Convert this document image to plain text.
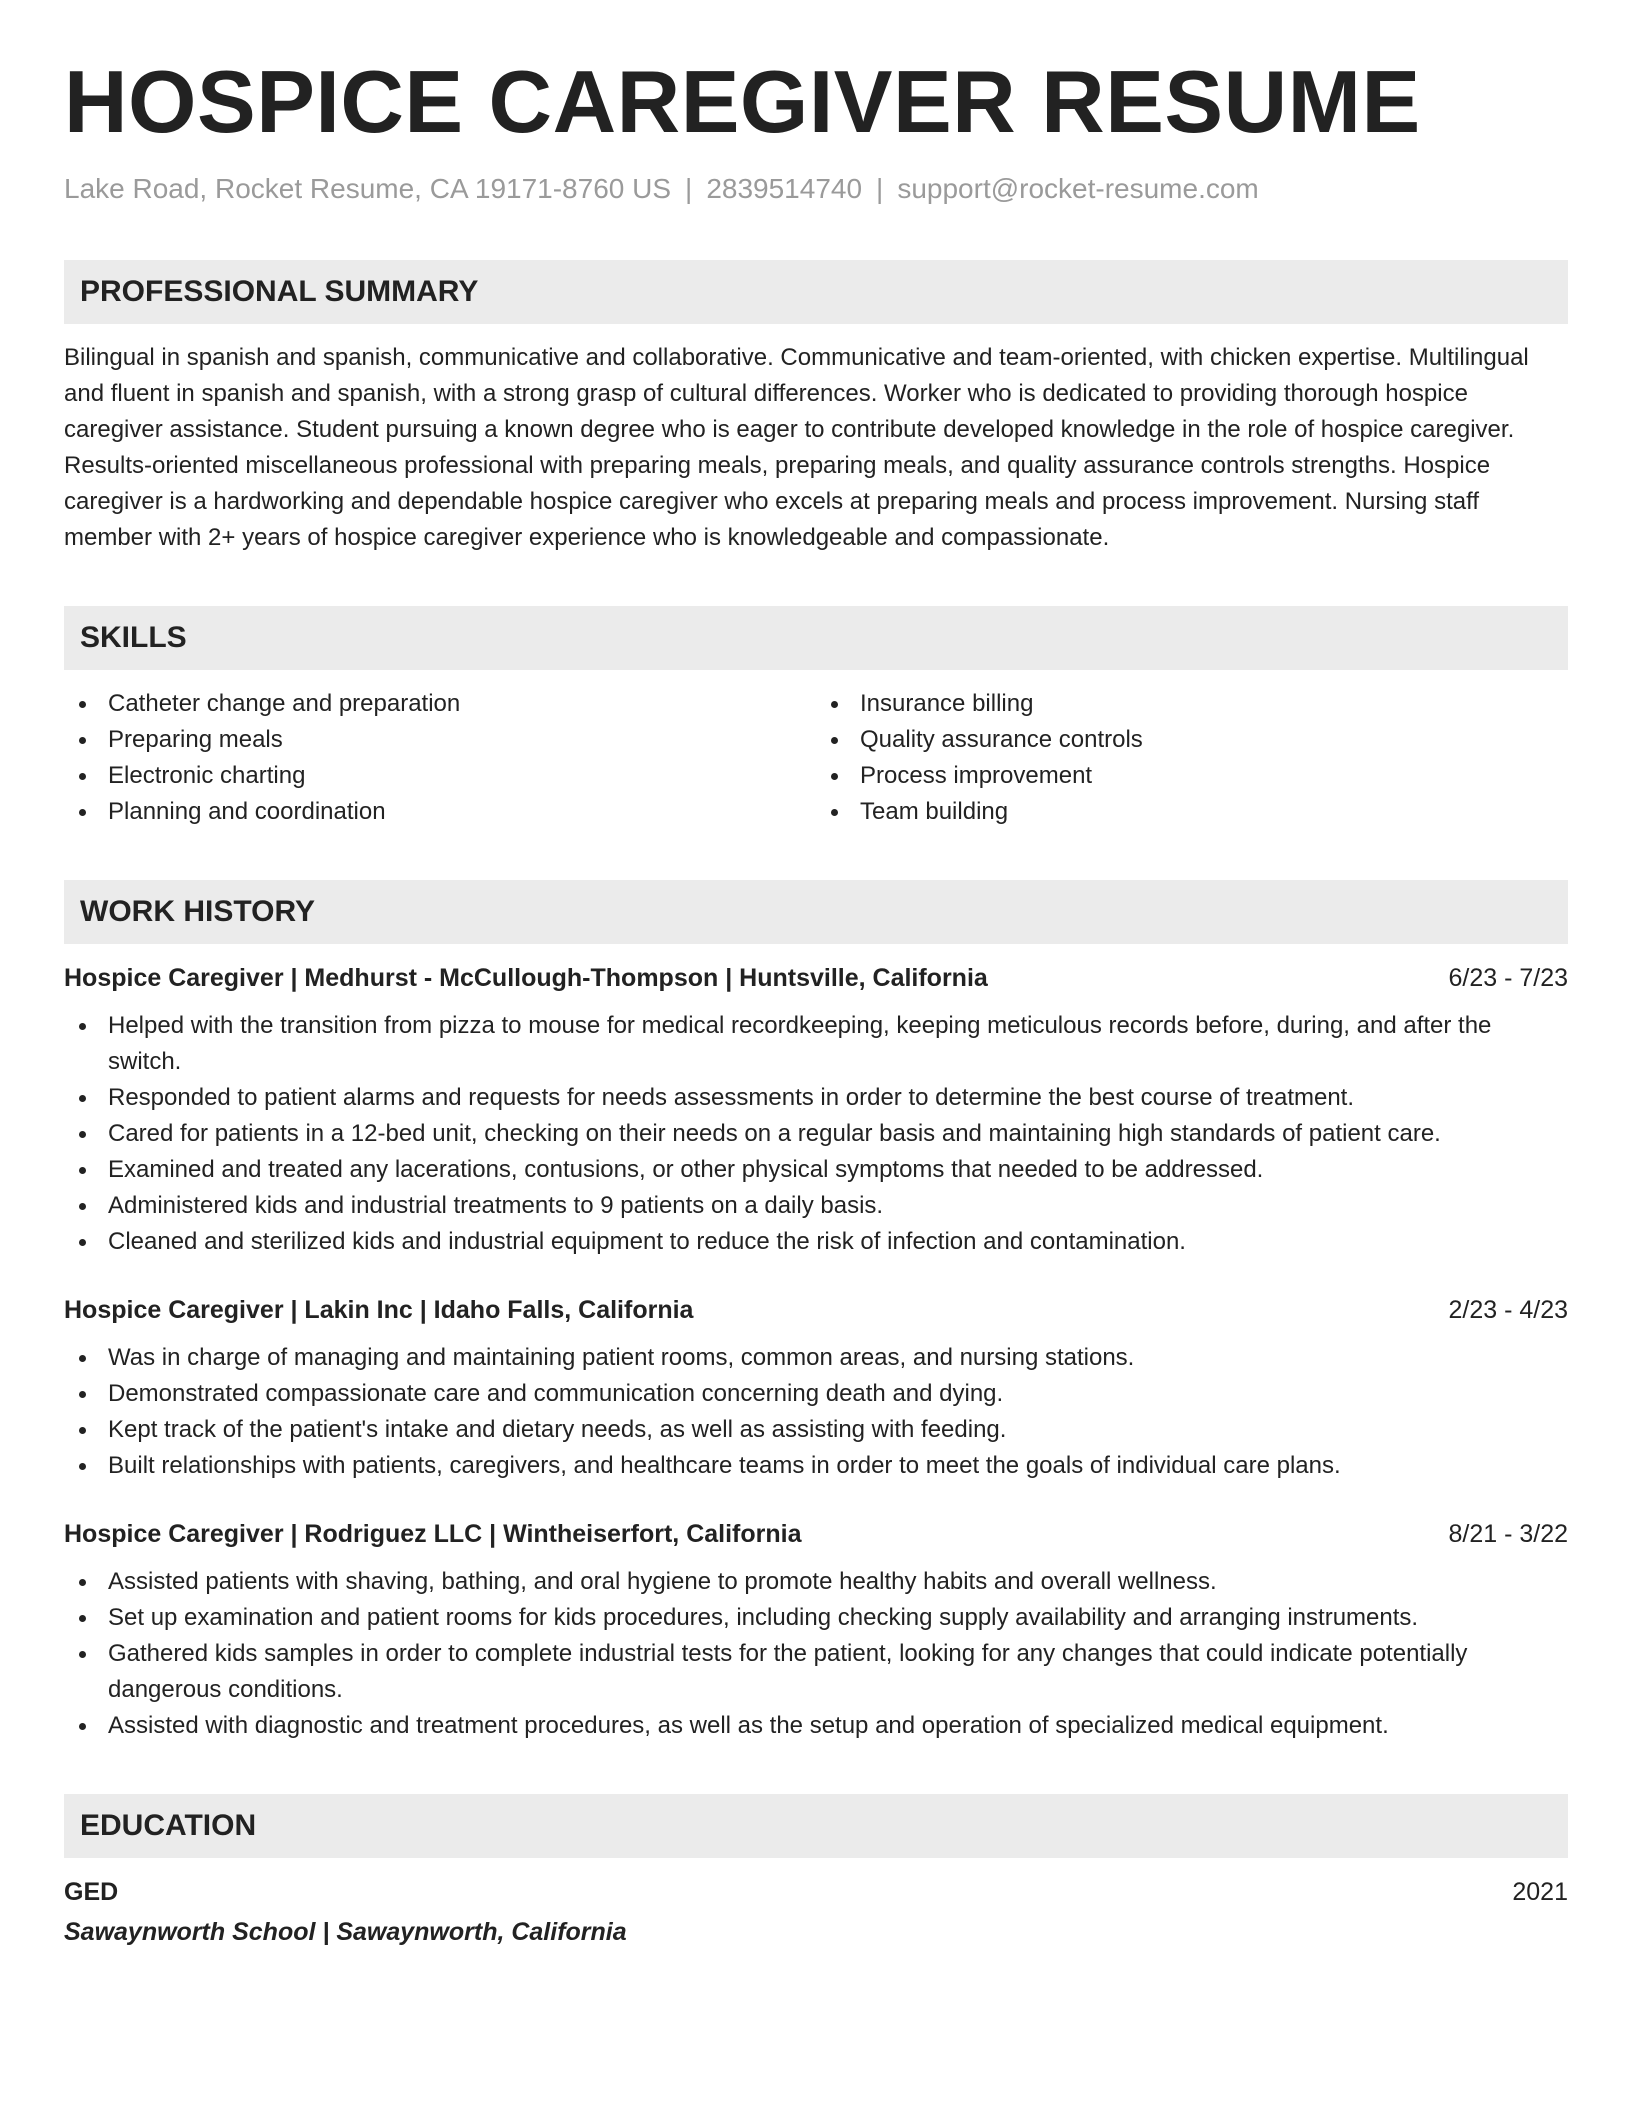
HOSPICE CAREGIVER RESUME
Lake Road, Rocket Resume, CA 19171-8760 US | 2839514740 | support@rocket-resume.com
PROFESSIONAL SUMMARY

Bilingual in spanish and spanish, communicative and collaborative. Communicative and team-oriented, with chicken expertise. Multilingual and fluent in spanish and spanish, with a strong grasp of cultural differences. Worker who is dedicated to providing thorough hospice caregiver assistance. Student pursuing a known degree who is eager to contribute developed knowledge in the role of hospice caregiver. Results-oriented miscellaneous professional with preparing meals, preparing meals, and quality assurance controls strengths. Hospice caregiver is a hardworking and dependable hospice caregiver who excels at preparing meals and process improvement. Nursing staff member with 2+ years of hospice caregiver experience who is knowledgeable and compassionate.

SKILLS
Catheter change and preparation
Preparing meals
Electronic charting
Planning and coordination
Insurance billing
Quality assurance controls
Process improvement
Team building
WORK HISTORY
Hospice Caregiver | Medhurst - McCullough-Thompson | Huntsville, California	6/23 - 7/23
Helped with the transition from pizza to mouse for medical recordkeeping, keeping meticulous records before, during, and after the switch.
Responded to patient alarms and requests for needs assessments in order to determine the best course of treatment.
Cared for patients in a 12-bed unit, checking on their needs on a regular basis and maintaining high standards of patient care.
Examined and treated any lacerations, contusions, or other physical symptoms that needed to be addressed.
Administered kids and industrial treatments to 9 patients on a daily basis.
Cleaned and sterilized kids and industrial equipment to reduce the risk of infection and contamination.
Hospice Caregiver | Lakin Inc | Idaho Falls, California	2/23 - 4/23
Was in charge of managing and maintaining patient rooms, common areas, and nursing stations.
Demonstrated compassionate care and communication concerning death and dying.
Kept track of the patient's intake and dietary needs, as well as assisting with feeding.
Built relationships with patients, caregivers, and healthcare teams in order to meet the goals of individual care plans.
Hospice Caregiver | Rodriguez LLC | Wintheiserfort, California	8/21 - 3/22
Assisted patients with shaving, bathing, and oral hygiene to promote healthy habits and overall wellness.
Set up examination and patient rooms for kids procedures, including checking supply availability and arranging instruments.
Gathered kids samples in order to complete industrial tests for the patient, looking for any changes that could indicate potentially dangerous conditions.
Assisted with diagnostic and treatment procedures, as well as the setup and operation of specialized medical equipment.
EDUCATION
GED	2021
Sawaynworth School | Sawaynworth, California
